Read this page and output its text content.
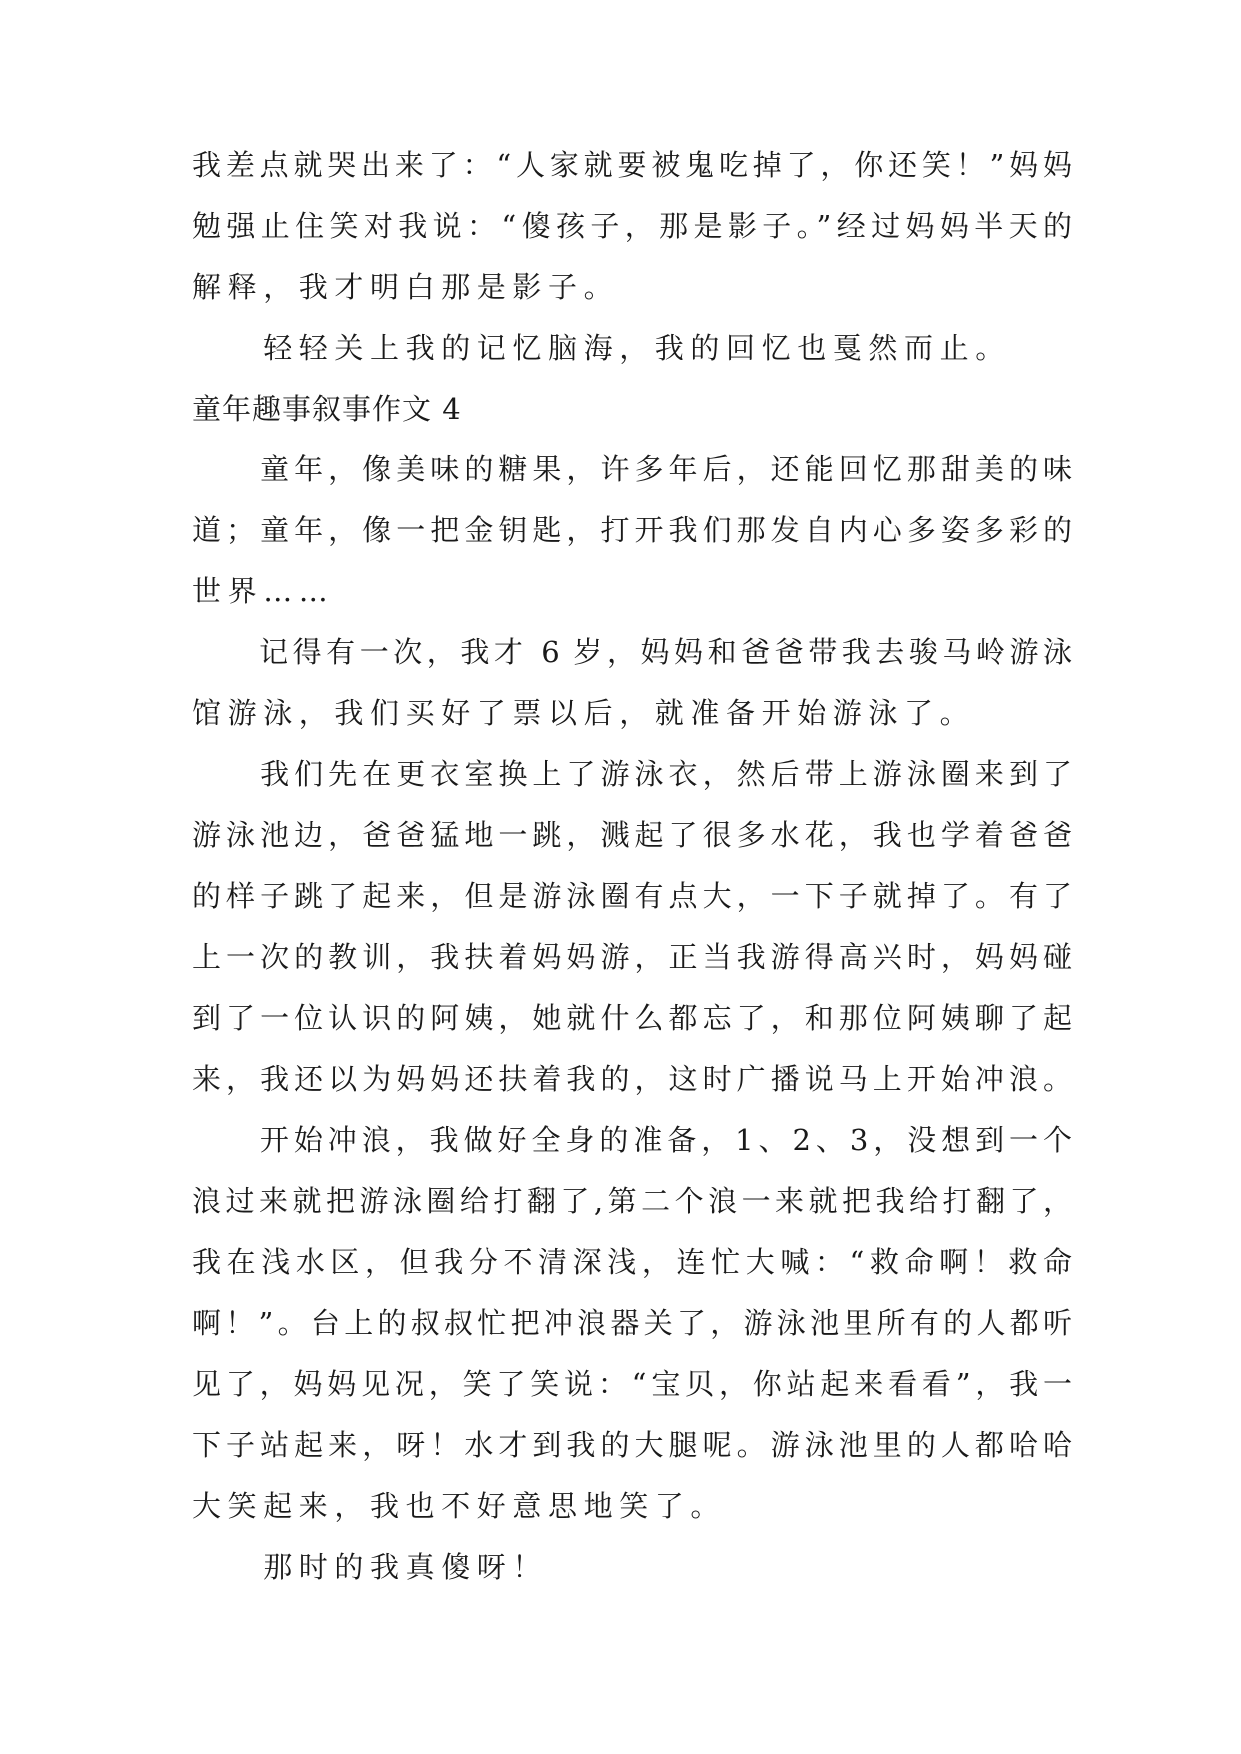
我差点就哭出来了：“人家就要被鬼吃掉了，你还笑！”妈妈
勉强止住笑对我说：“傻孩子，那是影子。”经过妈妈半天的
解释，我才明白那是影子。
　　轻轻关上我的记忆脑海，我的回忆也戛然而止。
童年趣事叙事作文 4
　　童年，像美味的糖果，许多年后，还能回忆那甜美的味
道；童年，像一把金钥匙，打开我们那发自内心多姿多彩的
世界……
　　记得有一次，我才 6 岁，妈妈和爸爸带我去骏马岭游泳
馆游泳，我们买好了票以后，就准备开始游泳了。
　　我们先在更衣室换上了游泳衣，然后带上游泳圈来到了
游泳池边，爸爸猛地一跳，溅起了很多水花，我也学着爸爸
的样子跳了起来，但是游泳圈有点大，一下子就掉了。有了
上一次的教训，我扶着妈妈游，正当我游得高兴时，妈妈碰
到了一位认识的阿姨，她就什么都忘了，和那位阿姨聊了起
来，我还以为妈妈还扶着我的，这时广播说马上开始冲浪。
　　开始冲浪，我做好全身的准备，1、2、3，没想到一个
浪过来就把游泳圈给打翻了,第二个浪一来就把我给打翻了，
我在浅水区，但我分不清深浅，连忙大喊：“救命啊！救命
啊！”。台上的叔叔忙把冲浪器关了，游泳池里所有的人都听
见了，妈妈见况，笑了笑说：“宝贝，你站起来看看”，我一
下子站起来，呀！水才到我的大腿呢。游泳池里的人都哈哈
大笑起来，我也不好意思地笑了。
　　那时的我真傻呀！
